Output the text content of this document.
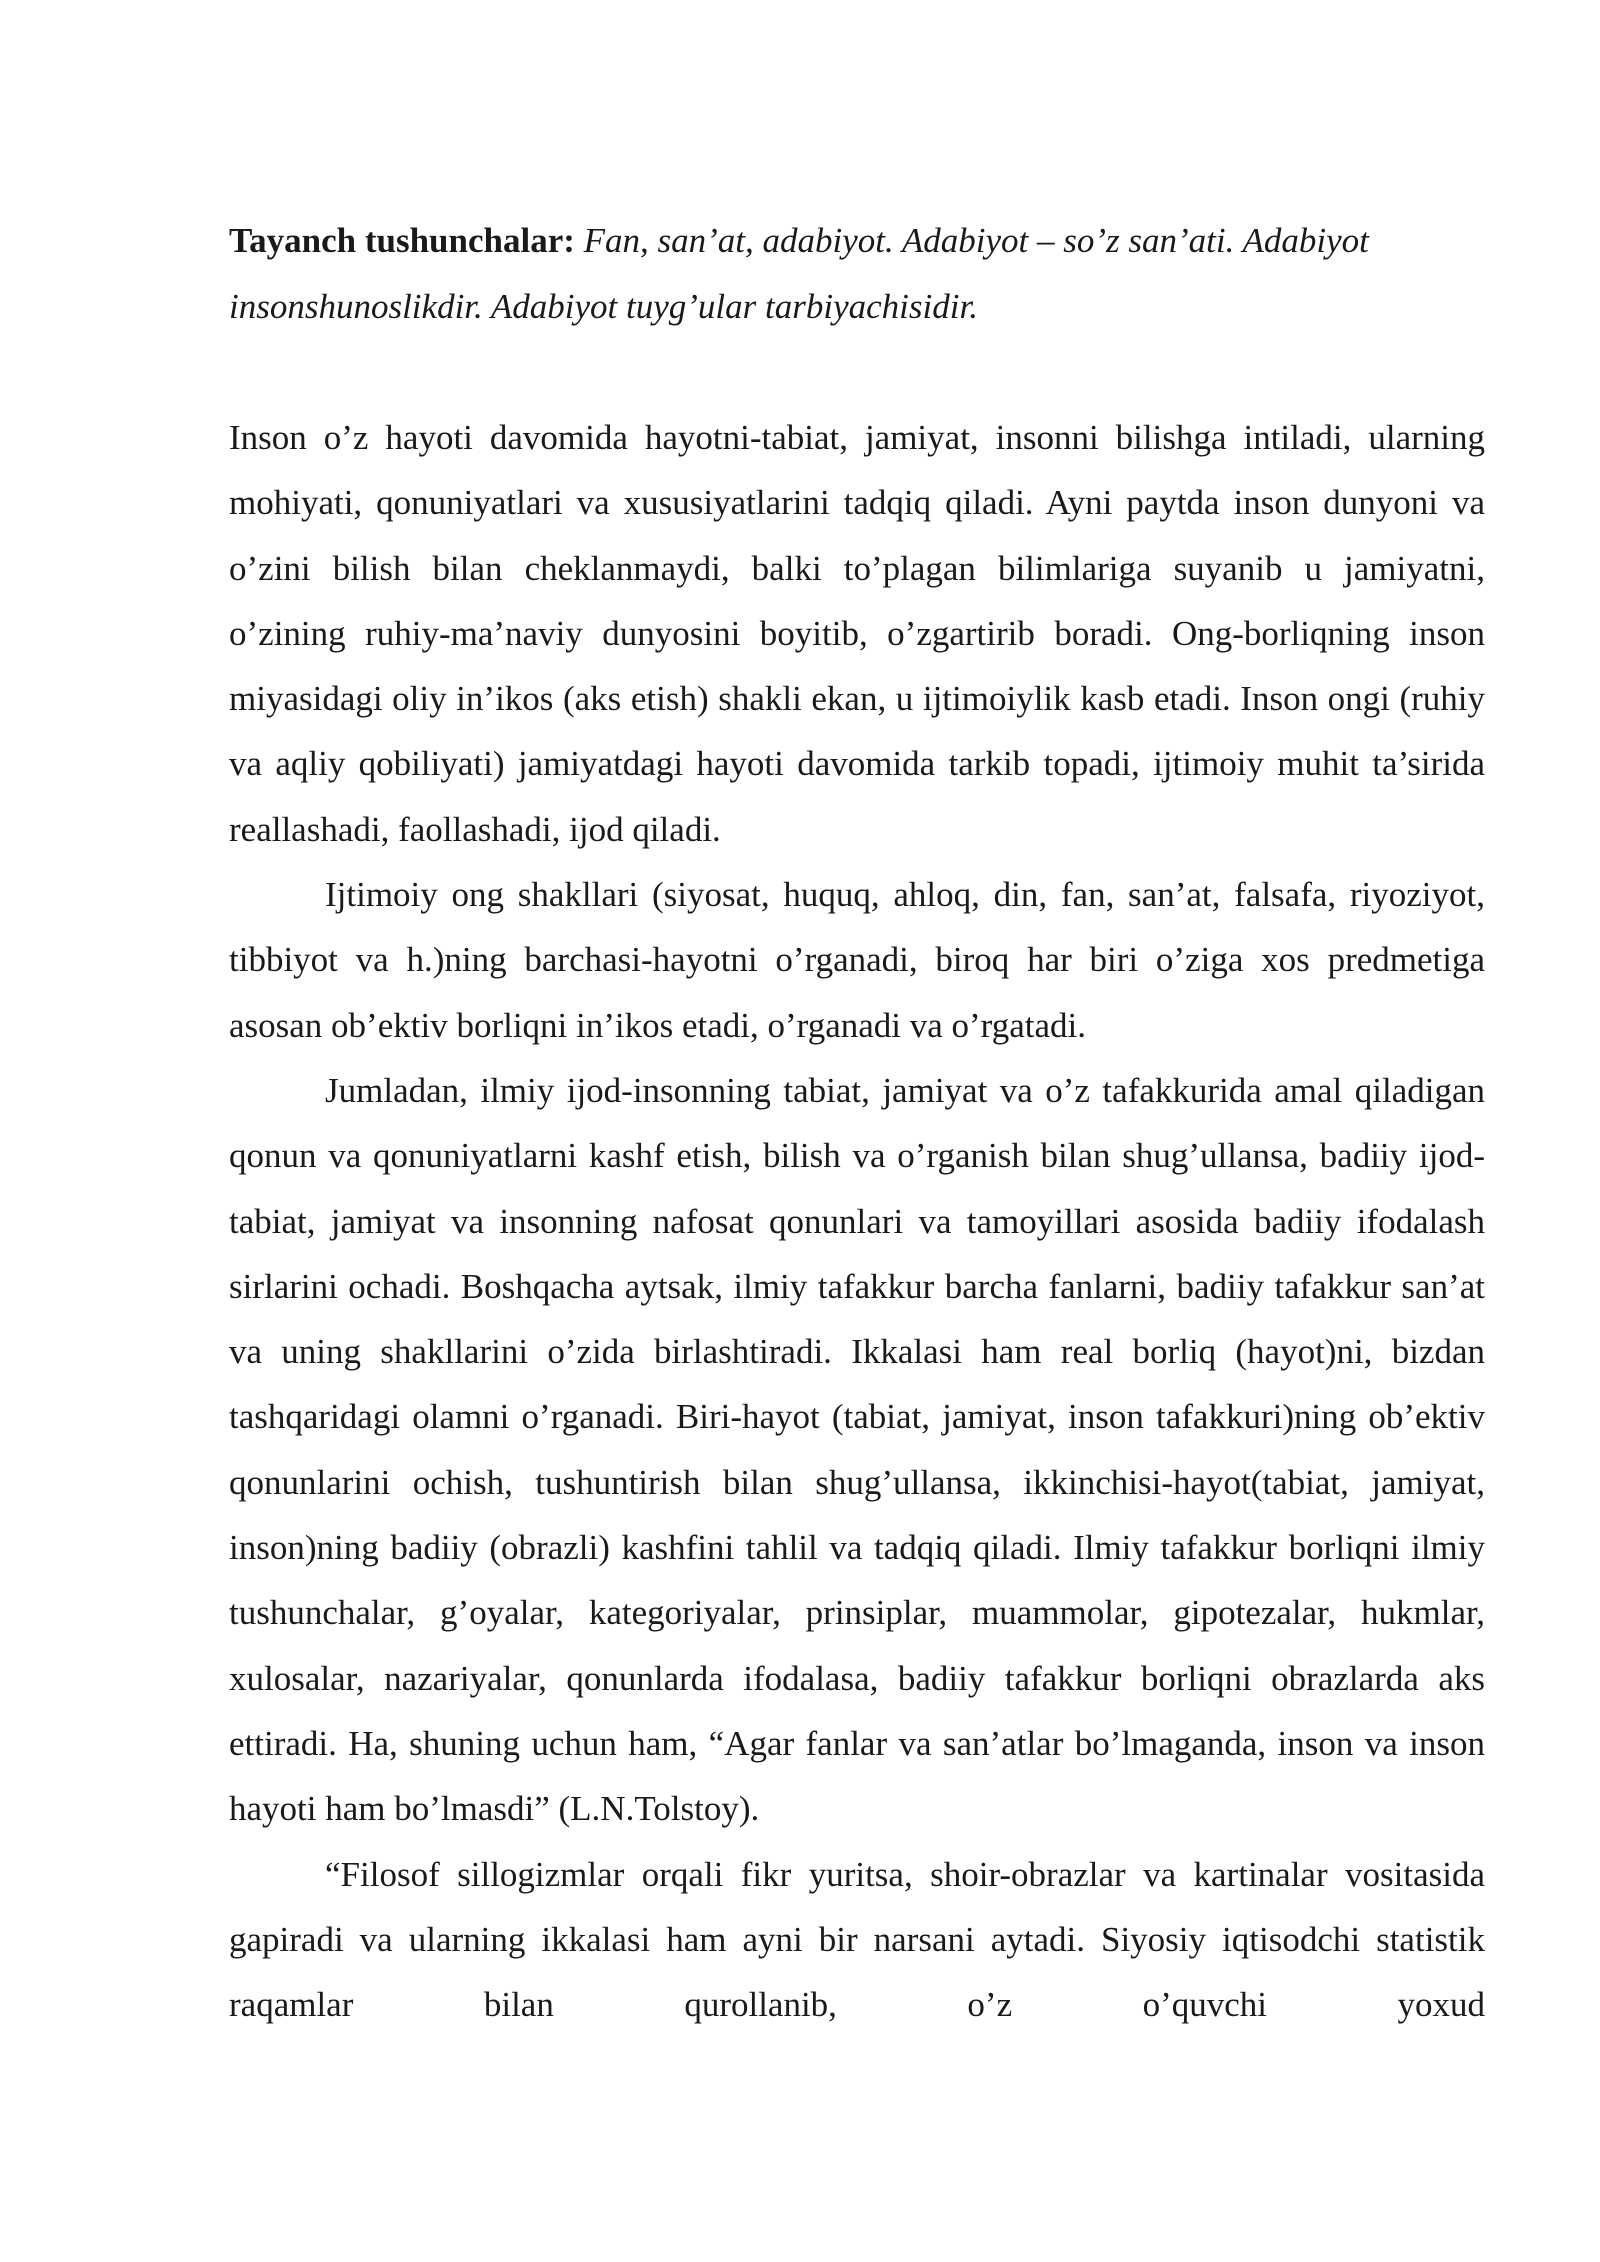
Tayanch tushunchalar: Fan, san’at, adabiyot. Adabiyot – so’z san’ati. Adabiyot insonshunoslikdir. Adabiyot tuyg’ular tarbiyachisidir.

Inson o’z hayoti davomida hayotni-tabiat, jamiyat, insonni bilishga intiladi, ularning mohiyati, qonuniyatlari va xususiyatlarini tadqiq qiladi. Ayni paytda inson dunyoni va o’zini bilish bilan cheklanmaydi, balki to’plagan bilimlariga suyanib u jamiyatni, o’zining ruhiy-ma’naviy dunyosini boyitib, o’zgartirib boradi. Ong-borliqning inson miyasidagi oliy in’ikos (aks etish) shakli ekan, u ijtimoiylik kasb etadi. Inson ongi (ruhiy va aqliy qobiliyati) jamiyatdagi hayoti davomida tarkib topadi, ijtimoiy muhit ta’sirida reallashadi, faollashadi, ijod qiladi.

Ijtimoiy ong shakllari (siyosat, huquq, ahloq, din, fan, san’at, falsafa, riyoziyot, tibbiyot va h.)ning barchasi-hayotni o’rganadi, biroq har biri o’ziga xos predmetiga asosan ob’ektiv borliqni in’ikos etadi, o’rganadi va o’rgatadi.

Jumladan, ilmiy ijod-insonning tabiat, jamiyat va o’z tafakkurida amal qiladigan qonun va qonuniyatlarni kashf etish, bilish va o’rganish bilan shug’ullansa, badiiy ijod-tabiat, jamiyat va insonning nafosat qonunlari va tamoyillari asosida badiiy ifodalash sirlarini ochadi. Boshqacha aytsak, ilmiy tafakkur barcha fanlarni, badiiy tafakkur san’at va uning shakllarini o’zida birlashtiradi. Ikkalasi ham real borliq (hayot)ni, bizdan tashqaridagi olamni o’rganadi. Biri-hayot (tabiat, jamiyat, inson tafakkuri)ning ob’ektiv qonunlarini ochish, tushuntirish bilan shug’ullansa, ikkinchisi-hayot(tabiat, jamiyat, inson)ning badiiy (obrazli) kashfini tahlil va tadqiq qiladi. Ilmiy tafakkur borliqni ilmiy tushunchalar, g’oyalar, kategoriyalar, prinsiplar, muammolar, gipotezalar, hukmlar, xulosalar, nazariyalar, qonunlarda ifodalasa, badiiy tafakkur borliqni obrazlarda aks ettiradi. Ha, shuning uchun ham, “Agar fanlar va san’atlar bo’lmaganda, inson va inson hayoti ham bo’lmasdi” (L.N.Tolstoy).

“Filosof sillogizmlar orqali fikr yuritsa, shoir-obrazlar va kartinalar vositasida gapiradi va ularning ikkalasi ham ayni bir narsani aytadi. Siyosiy iqtisodchi statistik raqamlar bilan qurollanib, o’z o’quvchi yoxud
